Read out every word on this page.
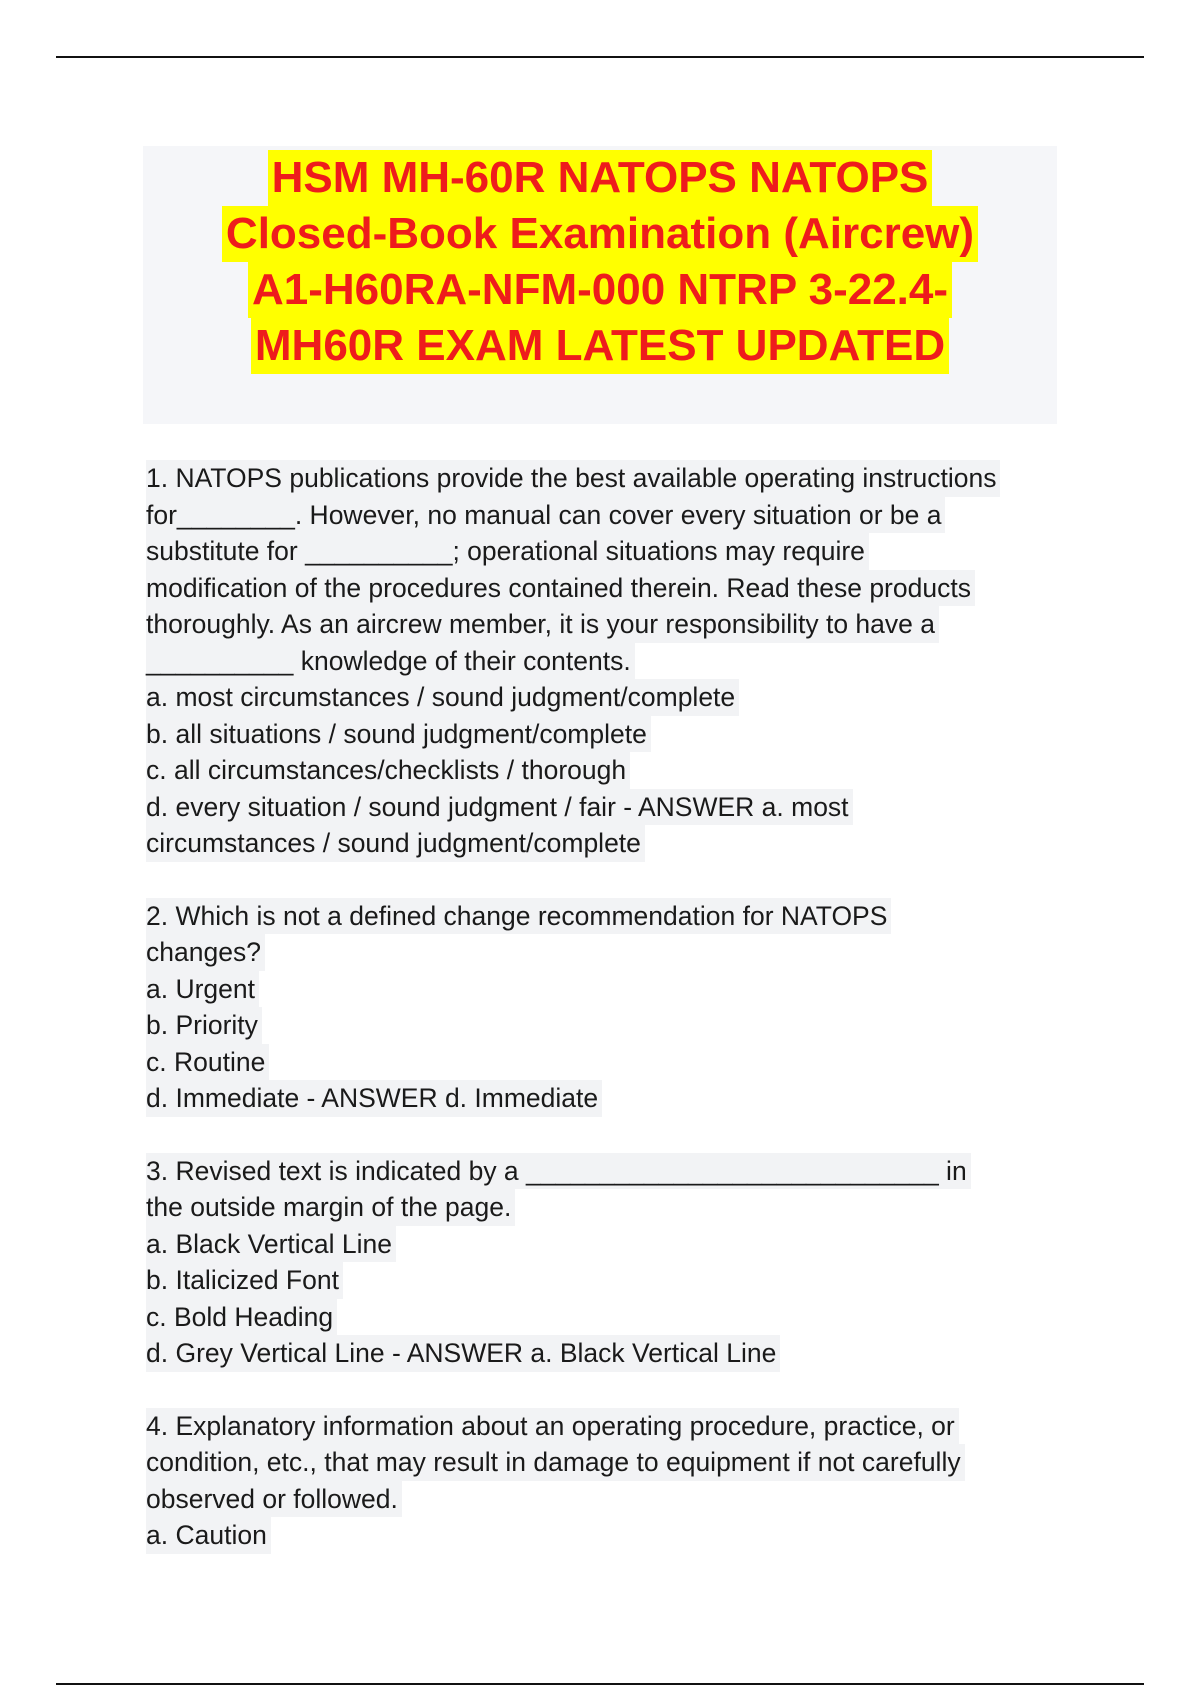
HSM MH-60R NATOPS NATOPS
Closed-Book Examination (Aircrew)
A1-H60RA-NFM-000 NTRP 3-22.4-
MH60R EXAM LATEST UPDATED
1. NATOPS publications provide the best available operating instructions
for________. However, no manual can cover every situation or be a
substitute for __________; operational situations may require
modification of the procedures contained therein. Read these products
thoroughly. As an aircrew member, it is your responsibility to have a
__________ knowledge of their contents.
a. most circumstances / sound judgment/complete
b. all situations / sound judgment/complete
c. all circumstances/checklists / thorough
d. every situation / sound judgment / fair - ANSWER a. most
circumstances / sound judgment/complete
2. Which is not a defined change recommendation for NATOPS
changes?
a. Urgent
b. Priority
c. Routine
d. Immediate - ANSWER d. Immediate
3. Revised text is indicated by a ____________________________ in
the outside margin of the page.
a. Black Vertical Line
b. Italicized Font
c. Bold Heading
d. Grey Vertical Line - ANSWER a. Black Vertical Line
4. Explanatory information about an operating procedure, practice, or
condition, etc., that may result in damage to equipment if not carefully
observed or followed.
a. Caution
